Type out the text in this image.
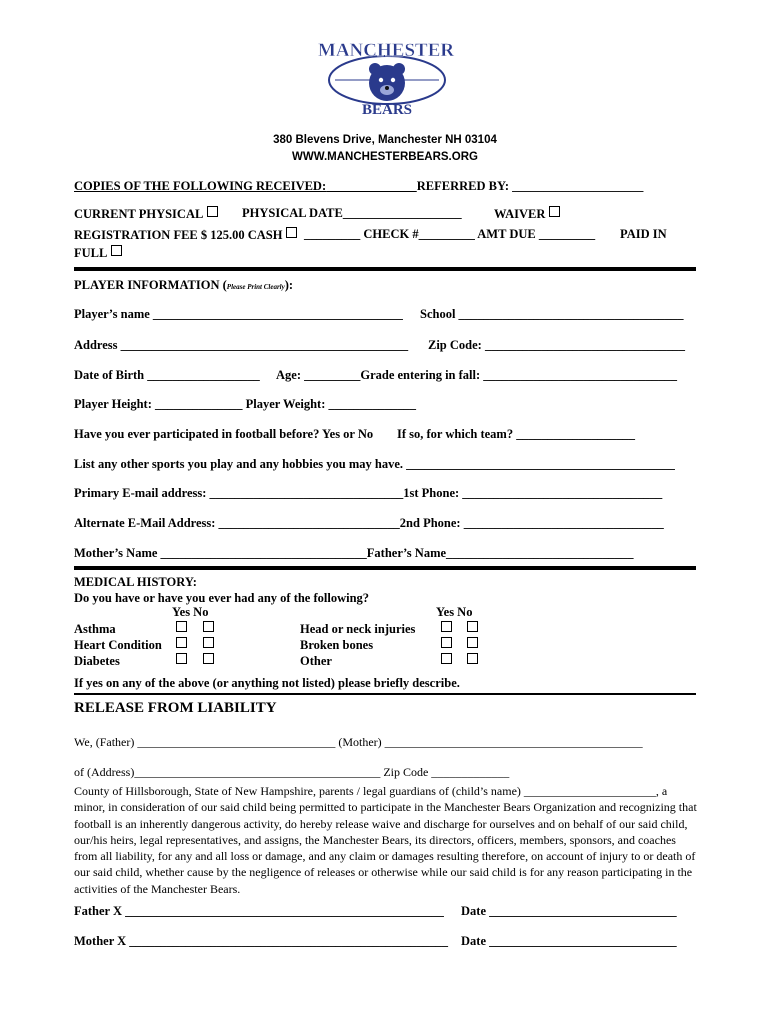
MANCHESTER
BEARS
380 Blevens Drive, Manchester NH 03104
WWW.MANCHESTERBEARS.ORG
COPIES OF THE FOLLOWING RECEIVED:	REFERRED BY: _____________________
CURRENT PHYSICAL	PHYSICAL DATE___________________	WAIVER
REGISTRATION FEE $ 125.00 CASH	_________ CHECK #_________ AMT DUE _________ PAID IN
FULL
PLAYER INFORMATION (Please Print Clearly):
Player’s name ________________________________________ School ____________________________________
Address ______________________________________________ Zip Code: ________________________________
Date of Birth __________________ Age: _________Grade entering in fall: _______________________________
Player Height: ______________ Player Weight: ______________
Have you ever participated in football before? Yes or No If so, for which team? ___________________
List any other sports you play and any hobbies you may have. ___________________________________________
Primary E-mail address: _______________________________1st Phone: ________________________________
Alternate E-Mail Address: _____________________________2nd Phone: ________________________________
Mother’s Name _________________________________Father’s Name______________________________
MEDICAL HISTORY:
Do you have or have you ever had any of the following?
Yes No	Yes No
Asthma	Head or neck injuries
Heart Condition	Broken bones
Diabetes	Other
If yes on any of the above (or anything not listed) please briefly describe.
RELEASE FROM LIABILITY
We, (Father) _________________________________ (Mother) ___________________________________________
of (Address)_________________________________________ Zip Code _____________
County of Hillsborough, State of New Hampshire, parents / legal guardians of (child’s name) ______________________, a minor, in consideration of our said child being permitted to participate in the Manchester Bears Organization and recognizing that football is an inherently dangerous activity, do hereby release waive and discharge for ourselves and on behalf of our said child, our/his heirs, legal representatives, and assigns, the Manchester Bears, its directors, officers, members, sponsors, and coaches from all liability, for any and all loss or damage, and any claim or damages resulting therefore, on account of injury to or death of our said child, whether cause by the negligence of releases or otherwise while our said child is for any reason participating in the activities of the Manchester Bears.
Father X ___________________________________________________ Date ______________________________
Mother X ___________________________________________________ Date ______________________________
